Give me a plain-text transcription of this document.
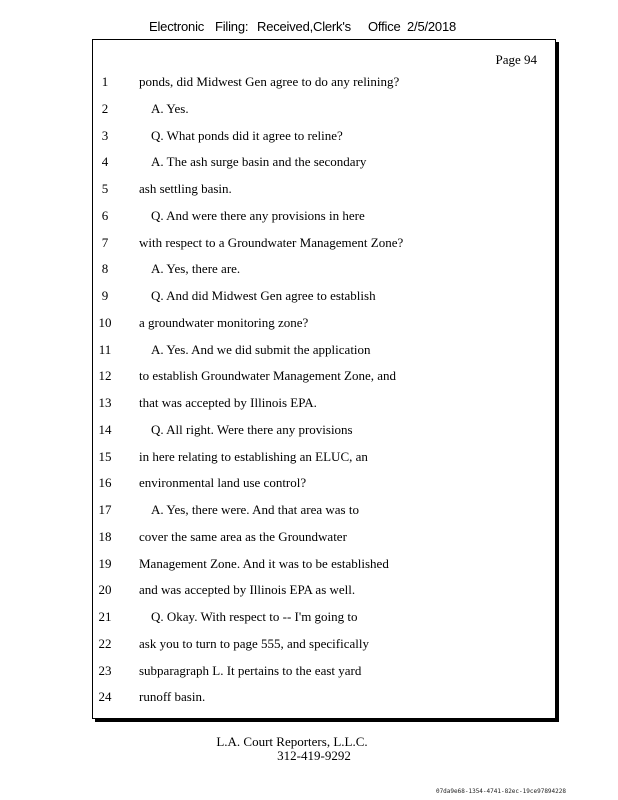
Electronic Filing: Received,Clerk's Office 2/5/2018
Page 94
1	ponds, did Midwest Gen agree to do any relining?
2	A. Yes.
3	Q. What ponds did it agree to reline?
4	A. The ash surge basin and the secondary
5	ash settling basin.
6	Q. And were there any provisions in here
7	with respect to a Groundwater Management Zone?
8	A. Yes, there are.
9	Q. And did Midwest Gen agree to establish
10	a groundwater monitoring zone?
11	A. Yes. And we did submit the application
12	to establish Groundwater Management Zone, and
13	that was accepted by Illinois EPA.
14	Q. All right. Were there any provisions
15	in here relating to establishing an ELUC, an
16	environmental land use control?
17	A. Yes, there were. And that area was to
18	cover the same area as the Groundwater
19	Management Zone. And it was to be established
20	and was accepted by Illinois EPA as well.
21	Q. Okay. With respect to -- I'm going to
22	ask you to turn to page 555, and specifically
23	subparagraph L. It pertains to the east yard
24	runoff basin.
L.A. Court Reporters, L.L.C.
312-419-9292
07da9e68-1354-4741-82ec-19ce97894228
